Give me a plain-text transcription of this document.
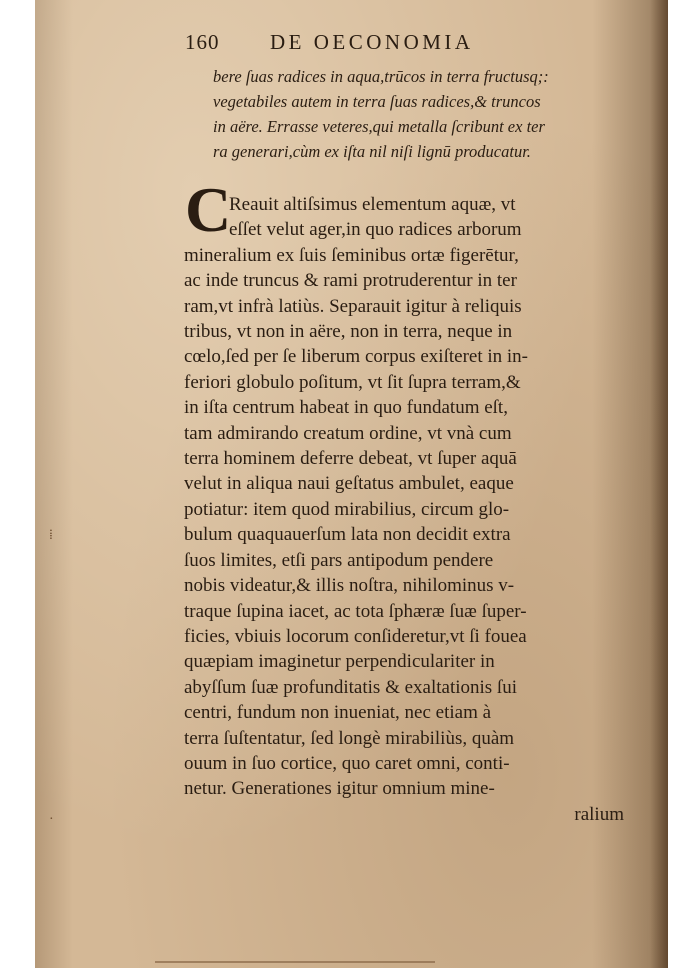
160 DE OECONOMIA
bere ſuas radices in aqua,trūcos in terra fructusq;:
vegetabiles autem in terra ſuas radices,& truncos
in aëre. Errasse veteres,qui metalla ſcribunt ex ter
ra generari,cùm ex iſta nil niſi lignū producatur.
C
Reauit altiſsimus elementum aquæ, vt
eſſet velut ager,in quo radices arborum
mineralium ex ſuis ſeminibus ortæ figerētur,
ac inde truncus & rami protruderentur in ter
ram,vt infrà latiùs. Separauit igitur à reliquis
tribus, vt non in aëre, non in terra, neque in
cœlo,ſed per ſe liberum corpus exiſteret in in-
feriori globulo poſitum, vt ſit ſupra terram,&
in iſta centrum habeat in quo fundatum eſt,
tam admirando creatum ordine, vt vnà cum
terra hominem deferre debeat, vt ſuper aquā
velut in aliqua naui geſtatus ambulet, eaque
potiatur: item quod mirabilius, circum glo-
bulum quaquauerſum lata non decidit extra
ſuos limites, etſi pars antipodum pendere
nobis videatur,& illis noſtra, nihilominus v-
traque ſupina iacet, ac tota ſphæræ ſuæ ſuper-
ficies, vbiuis locorum conſideretur,vt ſi fouea
quæpiam imaginetur perpendiculariter in
abyſſum ſuæ profunditatis & exaltationis ſui
centri, fundum non inueniat, nec etiam à
terra ſuſtentatur, ſed longè mirabiliùs, quàm
ouum in ſuo cortice, quo caret omni, conti-
netur. Generationes igitur omnium mine-
ralium
⁞
·
